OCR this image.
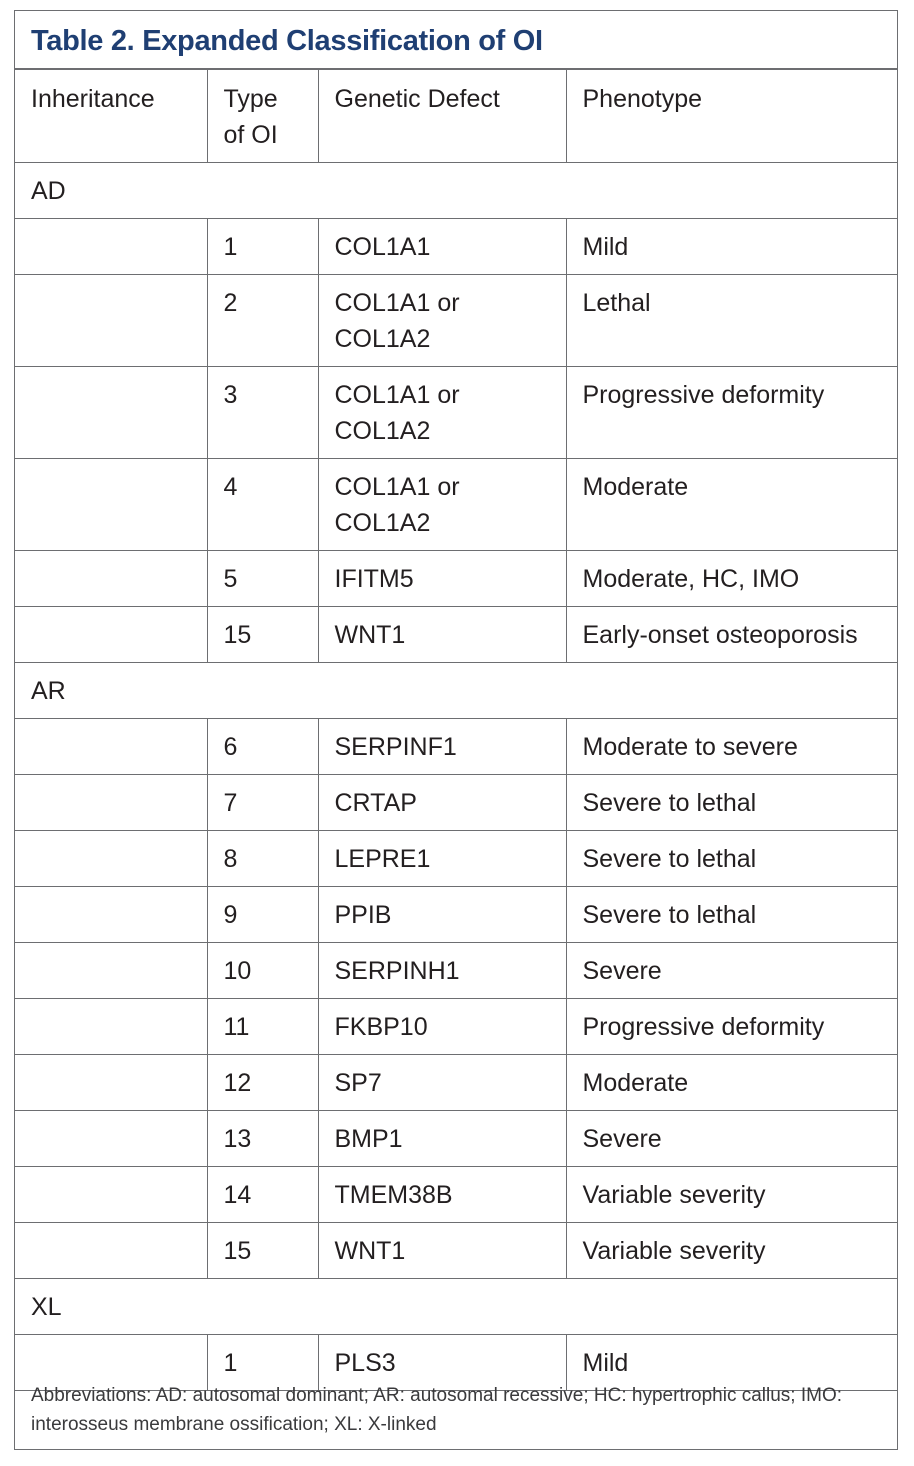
Table 2. Expanded Classification of OI
Inheritance	Type of OI	Genetic Defect	Phenotype
AD			
	1	COL1A1	Mild
	2	COL1A1 or COL1A2	Lethal
	3	COL1A1 or COL1A2	Progressive deformity
	4	COL1A1 or COL1A2	Moderate
	5	IFITM5	Moderate, HC, IMO
	15	WNT1	Early-onset osteoporosis
AR			
	6	SERPINF1	Moderate to severe
	7	CRTAP	Severe to lethal
	8	LEPRE1	Severe to lethal
	9	PPIB	Severe to lethal
	10	SERPINH1	Severe
	11	FKBP10	Progressive deformity
	12	SP7	Moderate
	13	BMP1	Severe
	14	TMEM38B	Variable severity
	15	WNT1	Variable severity
XL			
	1	PLS3	Mild
Abbreviations: AD: autosomal dominant; AR: autosomal recessive; HC: hypertrophic callus; IMO: interosseus membrane ossification; XL: X-linked
